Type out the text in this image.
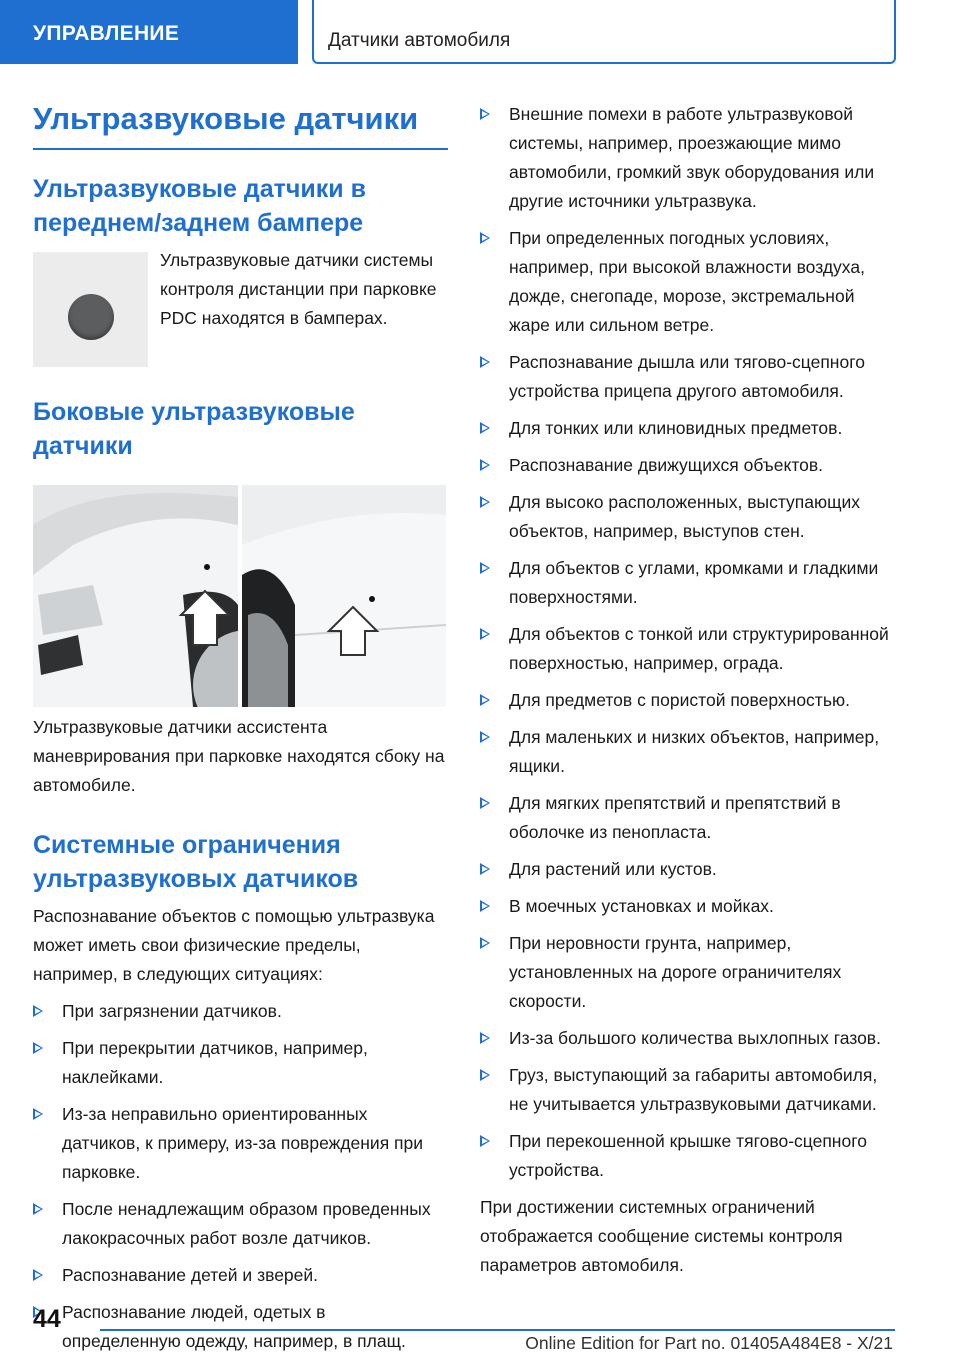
УПРАВЛЕНИЕ	Датчики автомобиля
Ультразвуковые датчики
Ультразвуковые датчики в переднем/заднем бампере

Ультразвуковые датчики системы контроля дистанции при парковке PDC находятся в бамперах.

Боковые ультразвуковые датчики

Ультразвуковые датчики ассистента маневрирования при парковке находятся сбоку на автомобиле.

Системные ограничения ультразвуковых датчиков

Распознавание объектов с помощью ультразвука может иметь свои физические пределы, например, в следующих ситуациях:

При загрязнении датчиков.
При перекрытии датчиков, например, наклейками.
Из-за неправильно ориентированных датчиков, к примеру, из-за повреждения при парковке.
После ненадлежащим образом проведенных лакокрасочных работ возле датчиков.
Распознавание детей и зверей.
Распознавание людей, одетых в определенную одежду, например, в плащ.
Внешние помехи в работе ультразвуковой системы, например, проезжающие мимо автомобили, громкий звук оборудования или другие источники ультразвука.
При определенных погодных условиях, например, при высокой влажности воздуха, дожде, снегопаде, морозе, экстремальной жаре или сильном ветре.
Распознавание дышла или тягово-сцепного устройства прицепа другого автомобиля.
Для тонких или клиновидных предметов.
Распознавание движущихся объектов.
Для высоко расположенных, выступающих объектов, например, выступов стен.
Для объектов с углами, кромками и гладкими поверхностями.
Для объектов с тонкой или структурированной поверхностью, например, ограда.
Для предметов с пористой поверхностью.
Для маленьких и низких объектов, например, ящики.
Для мягких препятствий и препятствий в оболочке из пенопласта.
Для растений или кустов.
В моечных установках и мойках.
При неровности грунта, например, установленных на дороге ограничителях скорости.
Из-за большого количества выхлопных газов.
Груз, выступающий за габариты автомобиля, не учитывается ультразвуковыми датчиками.
При перекошенной крышке тягово-сцепного устройства.

При достижении системных ограничений отображается сообщение системы контроля параметров автомобиля.

44
Online Edition for Part no. 01405A484E8 - X/21
